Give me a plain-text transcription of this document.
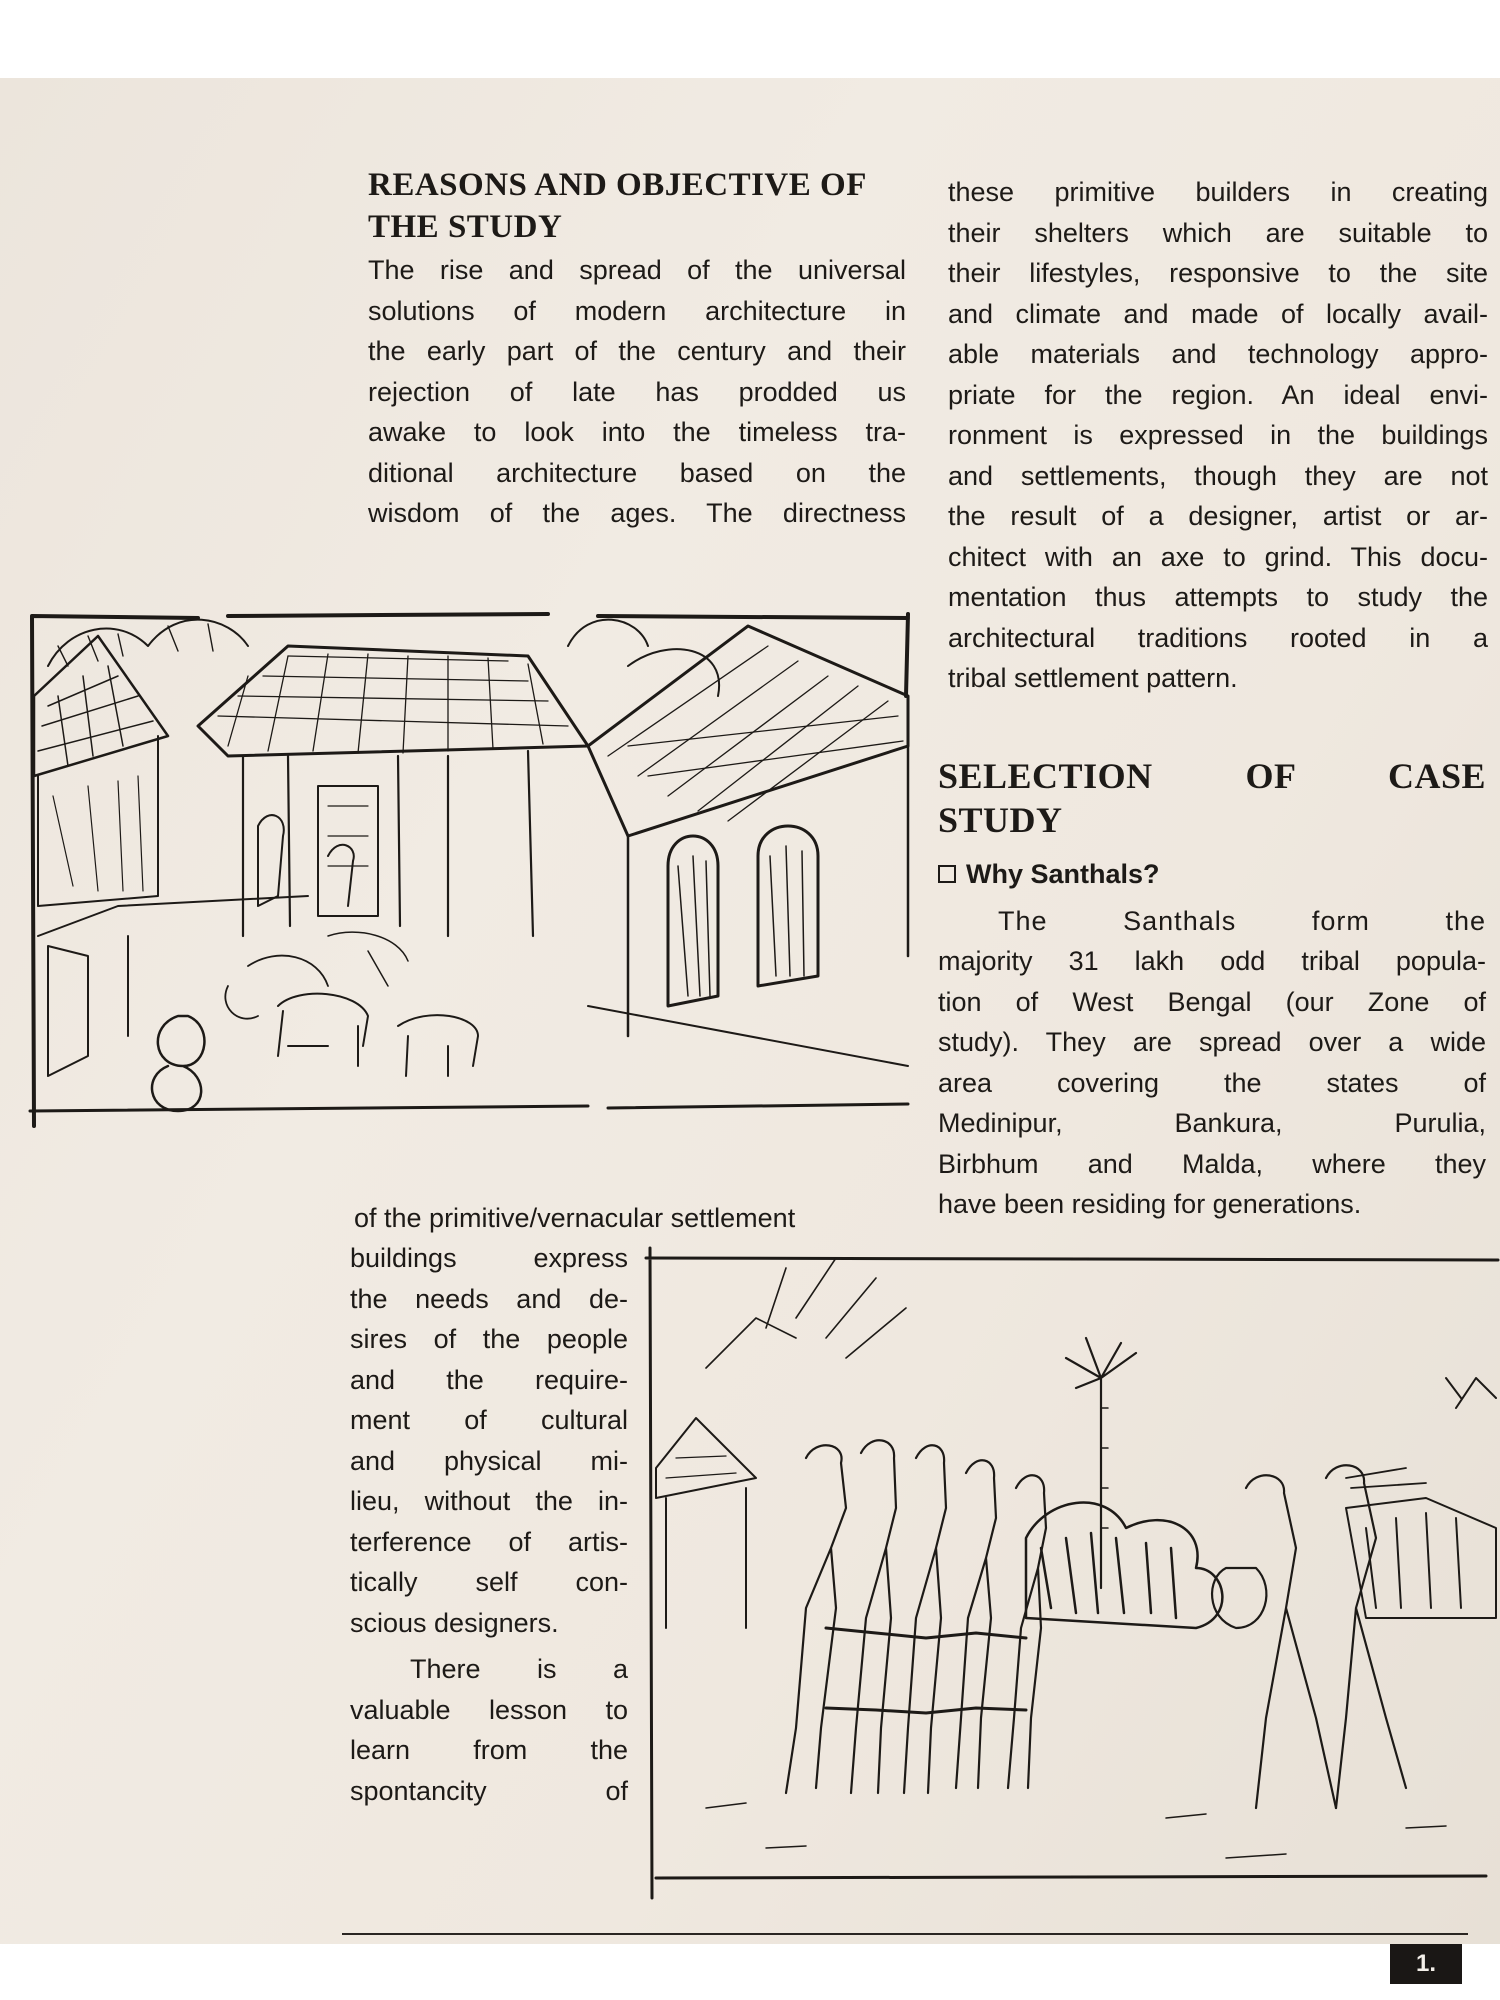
REASONS AND OBJECTIVE OF
THE STUDY

The rise and spread of the universal

solutions of modern architecture in

the early part of the century and their

rejection of late has prodded us

awake to look into the timeless tra-

ditional architecture based on the

wisdom of the ages. The directness

these primitive builders in creating

their shelters which are suitable to

their lifestyles, responsive to the site

and climate and made of locally avail-

able materials and technology appro-

priate for the region. An ideal envi-

ronment is expressed in the buildings

and settlements, though they are not

the result of a designer, artist or ar-

chitect with an axe to grind. This docu-

mentation thus attempts to study the

architectural traditions rooted in a

tribal settlement pattern.

SELECTION OF CASE
STUDY
Why Santhals?

The Santhals form the

majority 31 lakh odd tribal popula-

tion of West Bengal (our Zone of

study). They are spread over a wide

area covering the states of

Medinipur, Bankura, Purulia,

Birbhum and Malda, where they

have been residing for generations.

of the primitive/vernacular settlement

buildings express

the needs and de-

sires of the people

and the require-

ment of cultural

and physical mi-

lieu, without the in-

terference of artis-

tically self con-

scious designers.

There is a

valuable lesson to

learn from the

spontancity of

1.
